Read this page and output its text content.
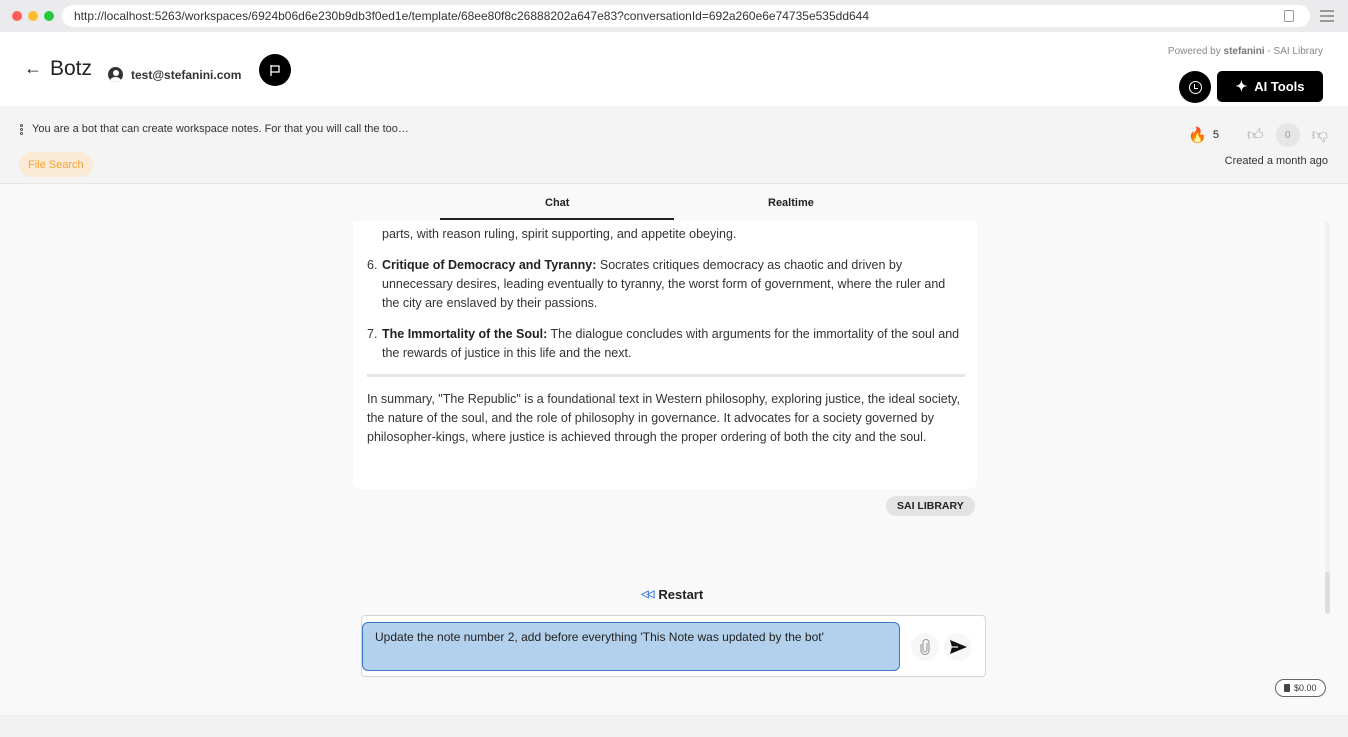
http://localhost:5263/workspaces/6924b06d6e230b9db3f0ed1e/template/68ee80f8c26888202a647e83?conversationId=692a260e6e74735e535dd644
← Botz	test@stefanini.com
Powered by stefanini - SAI Library
✦ AI Tools
You are a bot that can create workspace notes. For that you will call the too…
File Search
🔥 5 👍︎	0	👎︎
Created a month ago
Chat	Realtime
parts, with reason ruling, spirit supporting, and appetite obeying.
6. Critique of Democracy and Tyranny: Socrates critiques democracy as chaotic and driven by unnecessary desires, leading eventually to tyranny, the worst form of government, where the ruler and the city are enslaved by their passions.
7. The Immortality of the Soul: The dialogue concludes with arguments for the immortality of the soul and the rewards of justice in this life and the next.
In summary, "The Republic" is a foundational text in Western philosophy, exploring justice, the ideal society, the nature of the soul, and the role of philosophy in governance. It advocates for a society governed by philosopher-kings, where justice is achieved through the proper ordering of both the city and the soul.
SAI LIBRARY
◁◁ Restart
Update the note number 2, add before everything 'This Note was updated by the bot'
$0.00
